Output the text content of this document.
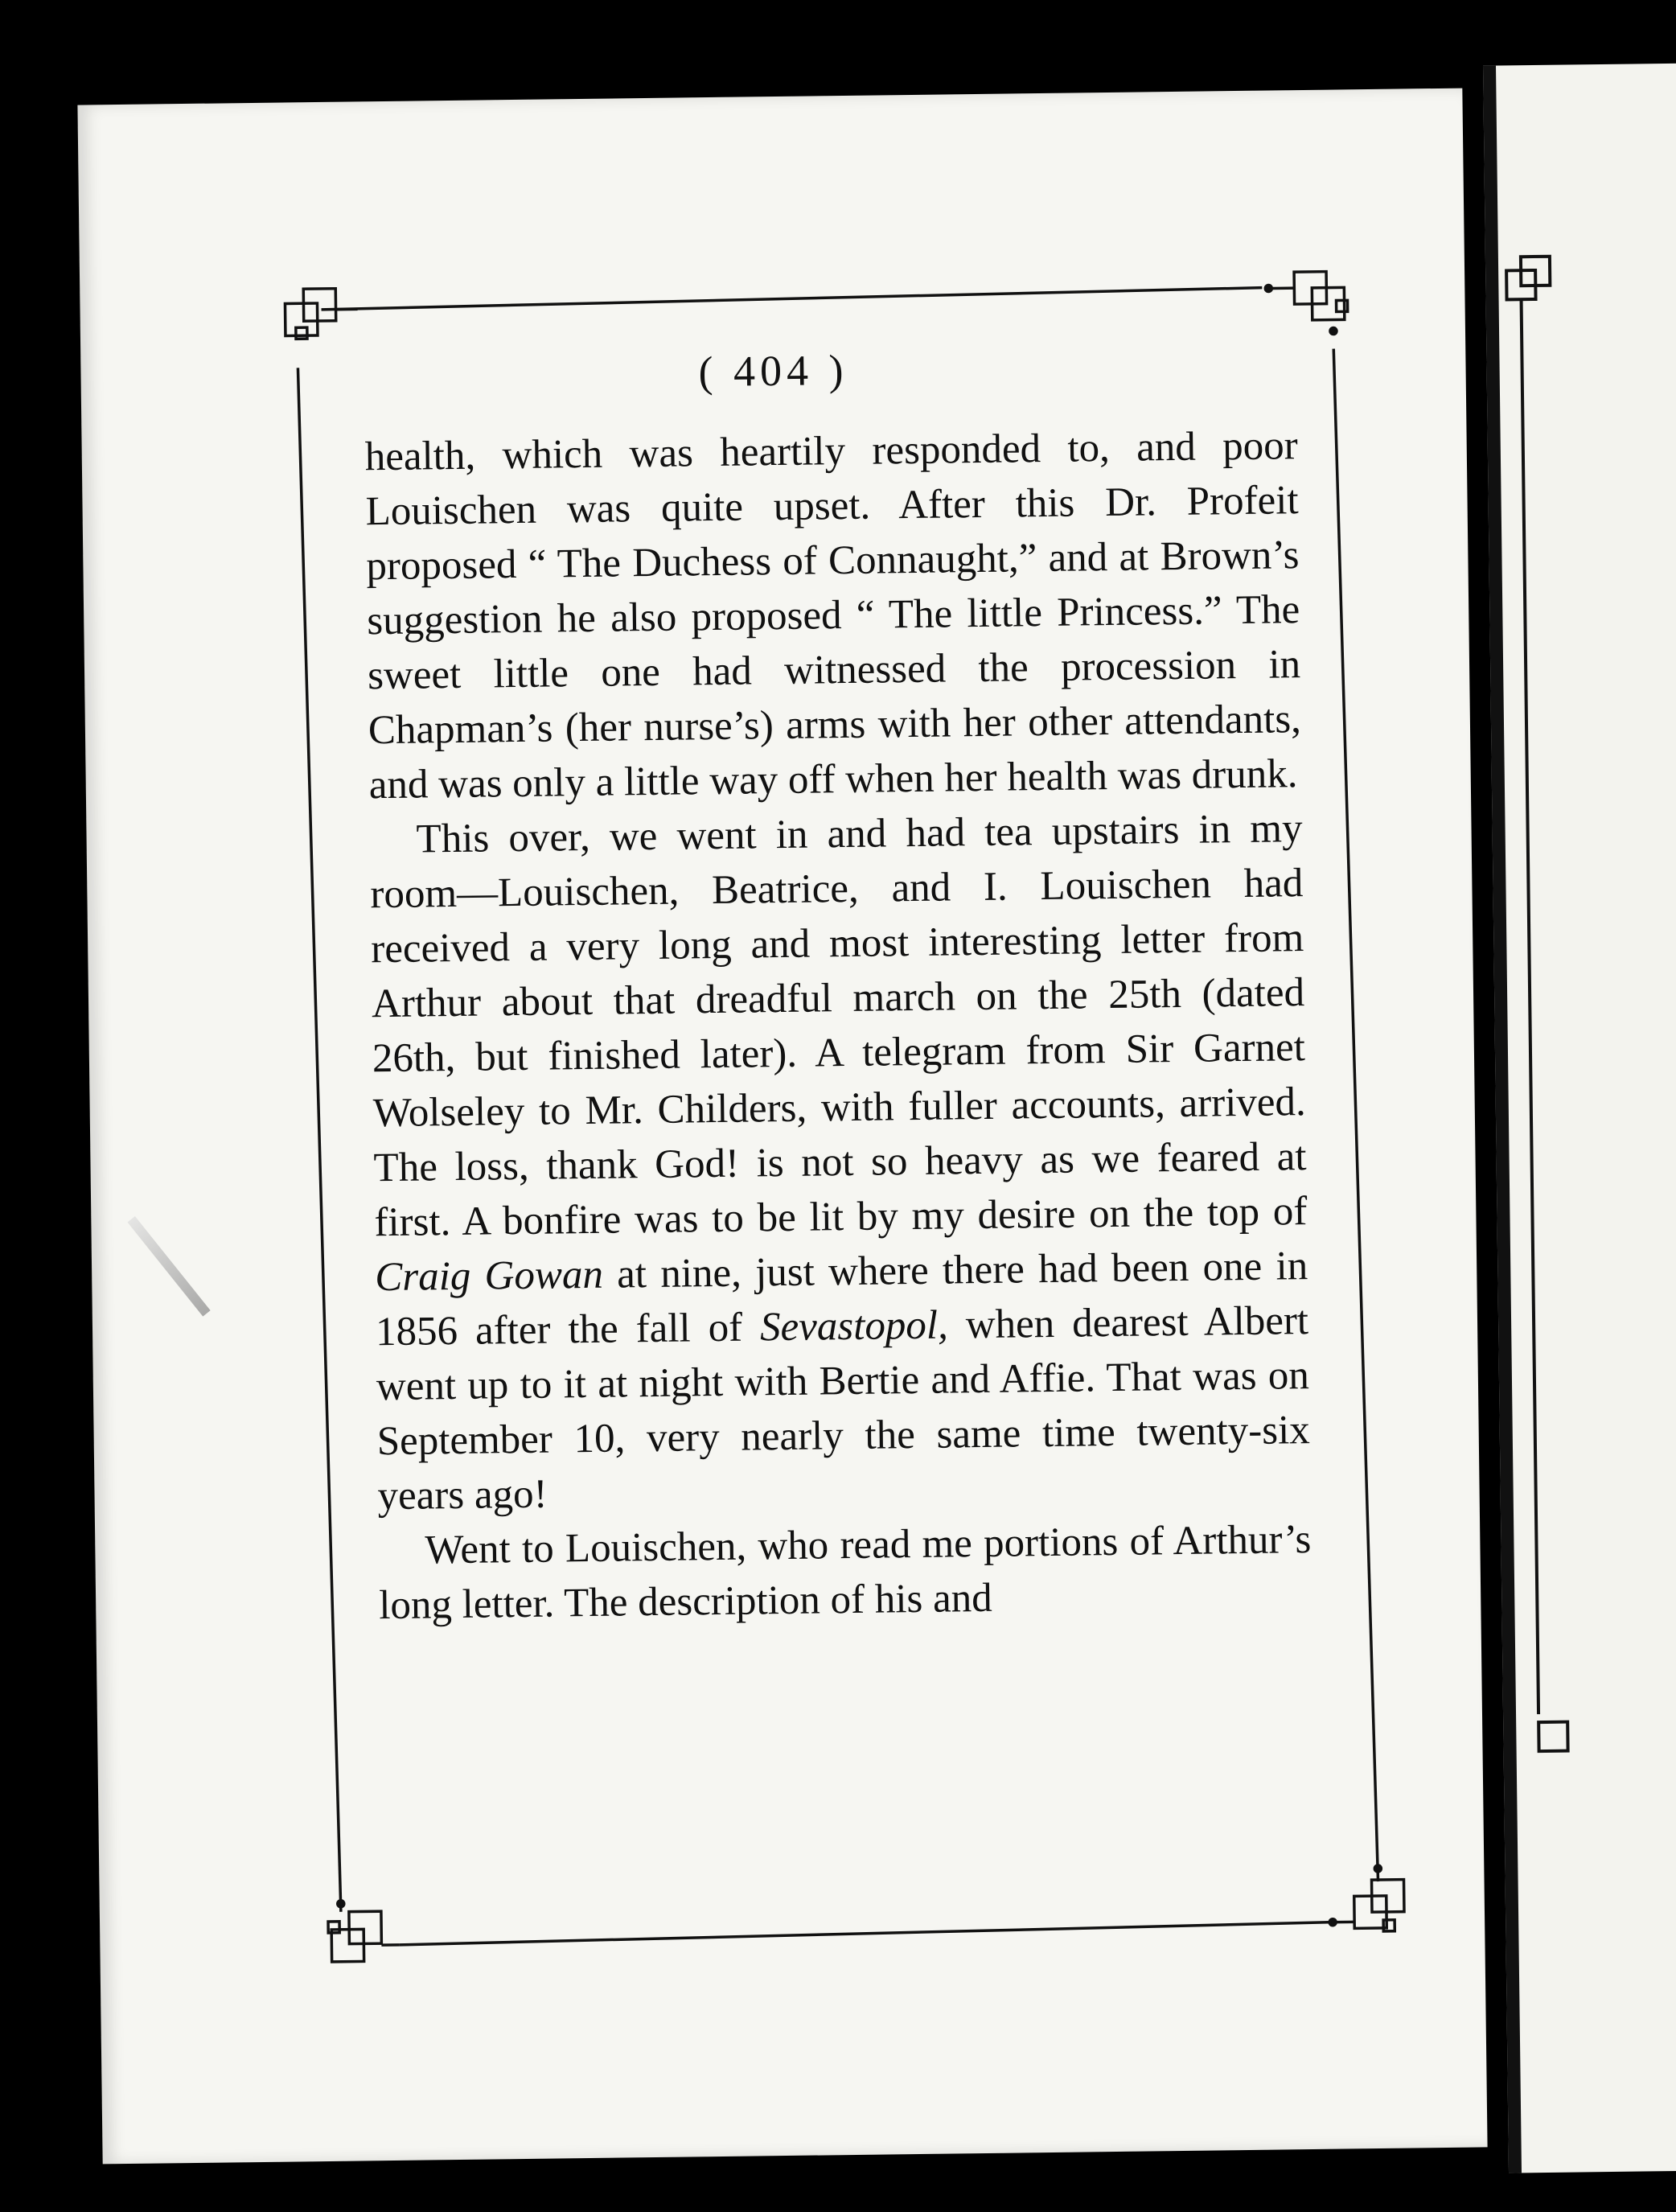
( 404 )

health, which was heartily responded to, and poor Louischen was quite upset. After this Dr. Profeit proposed “ The Duchess of Connaught,” and at Brown’s suggestion he also proposed “ The little Princess.” The sweet little one had witnessed the procession in Chapman’s (her nurse’s) arms with her other attendants, and was only a little way off when her health was drunk.

This over, we went in and had tea upstairs in my room—Louischen, Beatrice, and I. Louischen had received a very long and most interesting letter from Arthur about that dreadful march on the 25th (dated 26th, but finished later). A telegram from Sir Garnet Wolseley to Mr. Childers, with fuller accounts, arrived. The loss, thank God! is not so heavy as we feared at first. A bonfire was to be lit by my desire on the top of Craig Gowan at nine, just where there had been one in 1856 after the fall of Sevastopol, when dearest Albert went up to it at night with Bertie and Affie. That was on September 10, very nearly the same time twenty-six years ago!

Went to Louischen, who read me portions of Arthur’s long letter. The description of his and
